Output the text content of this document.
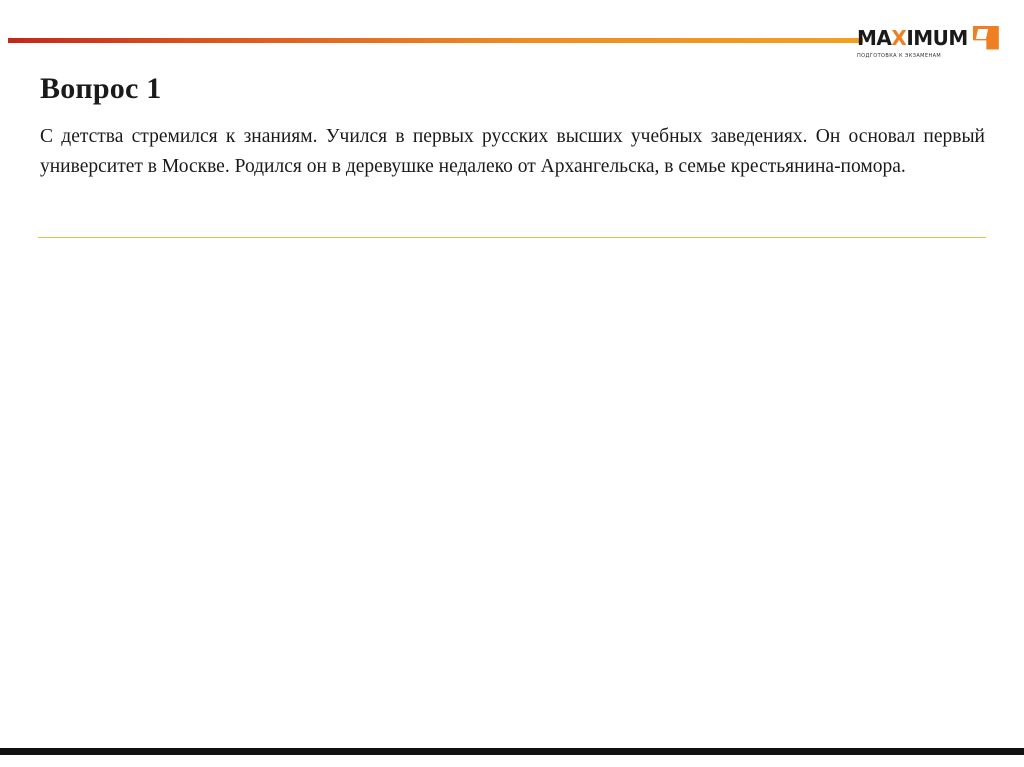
MAXIMUM
ПОДГОТОВКА К ЭКЗАМЕНАМ
Вопрос 1
С детства стремился к знаниям. Учился в первых русских высших учебных заведениях. Он основал первый университет в Москве. Родился он в деревушке недалеко от Архангельска, в семье крестьянина-помора.
